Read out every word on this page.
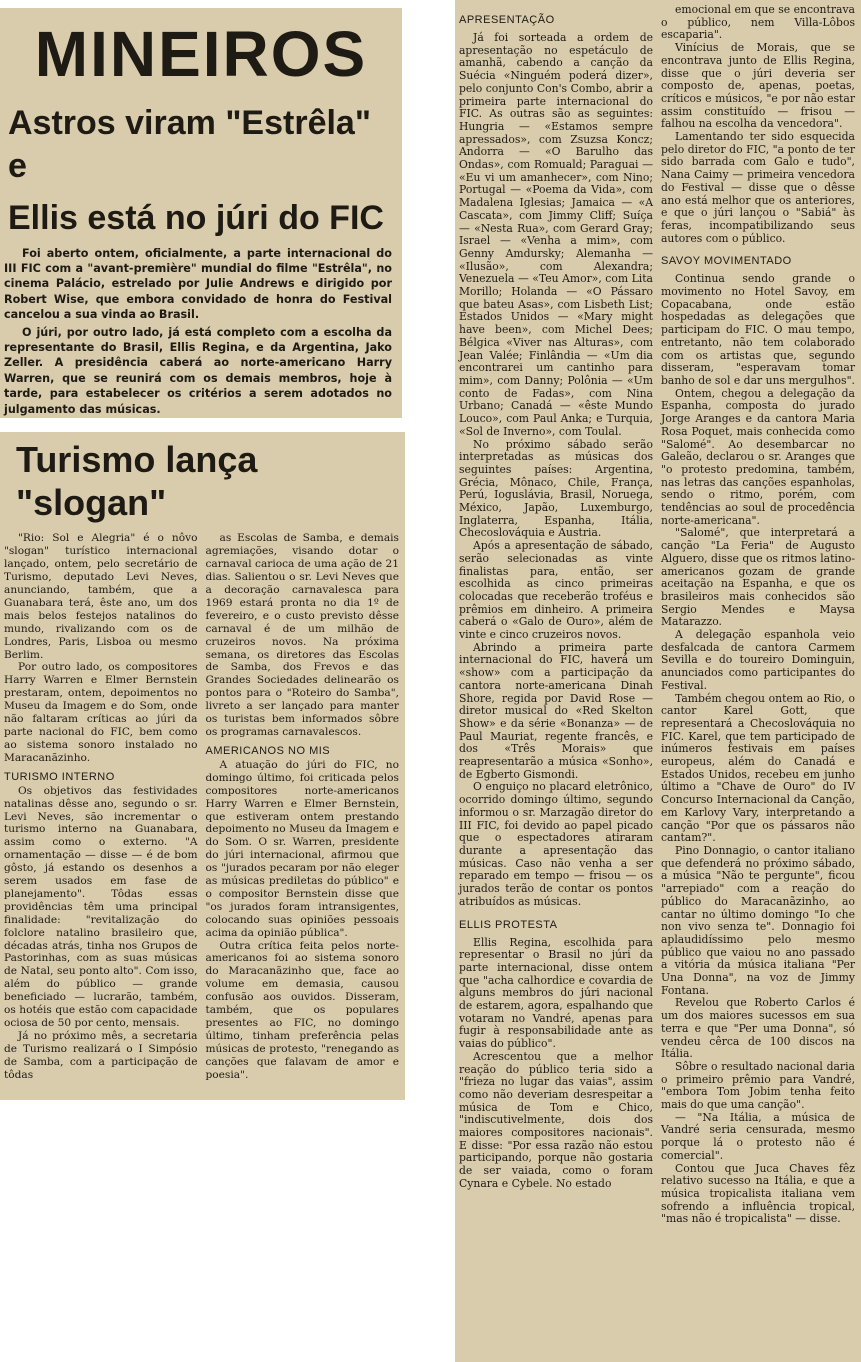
MINEIROS
Astros viram "Estrêla" e
Ellis está no júri do FIC

Foi aberto ontem, oficialmente, a parte internacional do III FIC com a "avant-première" mundial do filme "Estrêla", no cinema Palácio, estrelado por Julie Andrews e dirigido por Robert Wise, que embora convidado de honra do Festival cancelou a sua vinda ao Brasil.

O júri, por outro lado, já está completo com a escolha da representante do Brasil, Ellis Regina, e da Argentina, Jako Zeller. A presidência caberá ao norte-americano Harry Warren, que se reunirá com os demais membros, hoje à tarde, para estabelecer os critérios a serem adotados no julgamento das músicas.

Turismo lança "slogan"
"Rio: Sol e Alegria" é o nôvo "slogan" turístico internacional lançado, ontem, pelo secretário de Turismo, deputado Levi Neves, anunciando, também, que a Guanabara terá, êste ano, um dos mais belos festejos natalinos do mundo, rivalizando com os de Londres, Paris, Lisboa ou mesmo Berlim.
Por outro lado, os compositores Harry Warren e Elmer Bernstein prestaram, ontem, depoimentos no Museu da Imagem e do Som, onde não faltaram críticas ao júri da parte nacional do FIC, bem como ao sistema sonoro instalado no Maracanãzinho.
TURISMO INTERNO
Os objetivos das festividades natalinas dêsse ano, segundo o sr. Levi Neves, são incrementar o turismo interno na Guanabara, assim como o externo. "A ornamentação — disse — é de bom gôsto, já estando os desenhos a serem usados em fase de planejamento". Tôdas essas providências têm uma principal finalidade: "revitalização do folclore natalino brasileiro que, décadas atrás, tinha nos Grupos de Pastorinhas, com as suas músicas de Natal, seu ponto alto". Com isso, além do público — grande beneficiado — lucrarão, também, os hotéis que estão com capacidade ociosa de 50 por cento, mensais.
Já no próximo mês, a secretaria de Turismo realizará o I Simpósio de Samba, com a participação de tôdas
as Escolas de Samba, e demais agremiações, visando dotar o carnaval carioca de uma ação de 21 dias. Salientou o sr. Levi Neves que a decoração carnavalesca para 1969 estará pronta no dia 1º de fevereiro, e o custo previsto dêsse carnaval é de um milhão de cruzeiros novos. Na próxima semana, os diretores das Escolas de Samba, dos Frevos e das Grandes Sociedades delinearão os pontos para o "Roteiro do Samba", livreto a ser lançado para manter os turistas bem informados sôbre os programas carnavalescos.
AMERICANOS NO MIS
A atuação do júri do FIC, no domingo último, foi criticada pelos compositores norte-americanos Harry Warren e Elmer Bernstein, que estiveram ontem prestando depoimento no Museu da Imagem e do Som. O sr. Warren, presidente do júri internacional, afirmou que os "jurados pecaram por não eleger as músicas prediletas do público" e o compositor Bernstein disse que "os jurados foram intransigentes, colocando suas opiniões pessoais acima da opinião pública".
Outra crítica feita pelos norte-americanos foi ao sistema sonoro do Maracanãzinho que, face ao volume em demasia, causou confusão aos ouvidos. Disseram, também, que os populares presentes ao FIC, no domingo último, tinham preferência pelas músicas de protesto, "renegando as canções que falavam de amor e poesia".
APRESENTAÇÃO
Já foi sorteada a ordem de apresentação no espetáculo de amanhã, cabendo a canção da Suécia «Ninguém poderá dizer», pelo conjunto Con's Combo, abrir a primeira parte internacional do FIC. As outras são as seguintes: Hungria — «Estamos sempre apressados», com Zsuzsa Koncz; Andorra — «O Barulho das Ondas», com Romuald; Paraguai — «Eu vi um amanhecer», com Nino; Portugal — «Poema da Vida», com Madalena Iglesias; Jamaica — «A Cascata», com Jimmy Cliff; Suíça — «Nesta Rua», com Gerard Gray; Israel — «Venha a mim», com Genny Amdursky; Alemanha — «Ilusão», com Alexandra; Venezuela — «Teu Amor», com Lita Morillo; Holanda — «O Pássaro que bateu Asas», com Lisbeth List; Estados Unidos — «Mary might have been», com Michel Dees; Bélgica «Viver nas Alturas», com Jean Valée; Finlândia — «Um dia encontrarei um cantinho para mim», com Danny; Polônia — «Um conto de Fadas», com Nina Urbano; Canadá — «êste Mundo Louco», com Paul Anka; e Turquia, «Sol de Inverno», com Toulal.
No próximo sábado serão interpretadas as músicas dos seguintes países: Argentina, Grécia, Mônaco, Chile, França, Perú, Ioguslávia, Brasil, Noruega, México, Japão, Luxemburgo, Inglaterra, Espanha, Itália, Checoslováquia e Austria.
Após a apresentação de sábado, serão selecionadas as vinte finalistas para, então, ser escolhida as cinco primeiras colocadas que receberão troféus e prêmios em dinheiro. A primeira caberá o «Galo de Ouro», além de vinte e cinco cruzeiros novos.
Abrindo a primeira parte internacional do FIC, haverá um «show» com a participação da cantora norte-americana Dinah Shore, regida por David Rose — diretor musical do «Red Skelton Show» e da série «Bonanza» — de Paul Mauriat, regente francês, e dos «Três Morais» que reapresentarão a música «Sonho», de Egberto Gismondi.
O enguiço no placard eletrônico, ocorrido domingo último, segundo informou o sr. Marzagão diretor do III FIC, foi devido ao papel picado que o espectadores atiraram durante a apresentação das músicas. Caso não venha a ser reparado em tempo — frisou — os jurados terão de contar os pontos atribuídos as músicas.
ELLIS PROTESTA
Ellis Regina, escolhida para representar o Brasil no júri da parte internacional, disse ontem que "acha calhordice e covardia de alguns membros do júri nacional de estarem, agora, espalhando que votaram no Vandré, apenas para fugir à responsabilidade ante as vaias do público".
Acrescentou que a melhor reação do público teria sido a "frieza no lugar das vaias", assim como não deveriam desrespeitar a música de Tom e Chico, "indiscutivelmente, dois dos maiores compositores nacionais". E disse: "Por essa razão não estou participando, porque não gostaria de ser vaiada, como o foram Cynara e Cybele. No estado
emocional em que se encontrava o público, nem Villa-Lôbos escaparia".
Vinícius de Morais, que se encontrava junto de Ellis Regina, disse que o júri deveria ser composto de, apenas, poetas, críticos e músicos, "e por não estar assim constituído — frisou — falhou na escolha da vencedora".
Lamentando ter sido esquecida pelo diretor do FIC, "a ponto de ter sido barrada com Galo e tudo", Nana Caimy — primeira vencedora do Festival — disse que o dêsse ano está melhor que os anteriores, e que o júri lançou o "Sabiá" às feras, incompatibilizando seus autores com o público.
SAVOY MOVIMENTADO
Continua sendo grande o movimento no Hotel Savoy, em Copacabana, onde estão hospedadas as delegações que participam do FIC. O mau tempo, entretanto, não tem colaborado com os artistas que, segundo disseram, "esperavam tomar banho de sol e dar uns mergulhos".
Ontem, chegou a delegação da Espanha, composta do jurado Jorge Aranges e da cantora Maria Rosa Poquet, mais conhecida como "Salomé". Ao desembarcar no Galeão, declarou o sr. Aranges que "o protesto predomina, também, nas letras das canções espanholas, sendo o ritmo, porém, com tendências ao soul de procedência norte-americana".
"Salomé", que interpretará a canção "La Feria" de Augusto Alguero, disse que os ritmos latino-americanos gozam de grande aceitação na Espanha, e que os brasileiros mais conhecidos são Sergio Mendes e Maysa Matarazzo.
A delegação espanhola veio desfalcada de cantora Carmem Sevilla e do toureiro Dominguin, anunciados como participantes do Festival.
Também chegou ontem ao Rio, o cantor Karel Gott, que representará a Checoslováquia no FIC. Karel, que tem participado de inúmeros festivais em países europeus, além do Canadá e Estados Unidos, recebeu em junho último a "Chave de Ouro" do IV Concurso Internacional da Canção, em Karlovy Vary, interpretando a canção "Por que os pássaros não cantam?".
Pino Donnagio, o cantor italiano que defenderá no próximo sábado, a música "Não te pergunte", ficou "arrepiado" com a reação do público do Maracanãzinho, ao cantar no último domingo "Io che non vivo senza te". Donnagio foi aplaudidíssimo pelo mesmo público que vaiou no ano passado a vitória da música italiana "Per Una Donna", na voz de Jimmy Fontana.
Revelou que Roberto Carlos é um dos maiores sucessos em sua terra e que "Per uma Donna", só vendeu cêrca de 100 discos na Itália.
Sôbre o resultado nacional daria o primeiro prêmio para Vandré, "embora Tom Jobim tenha feito mais do que uma canção".
— "Na Itália, a música de Vandré seria censurada, mesmo porque lá o protesto não é comercial".
Contou que Juca Chaves fêz relativo sucesso na Itália, e que a música tropicalista italiana vem sofrendo a influência tropical, "mas não é tropicalista" — disse.
